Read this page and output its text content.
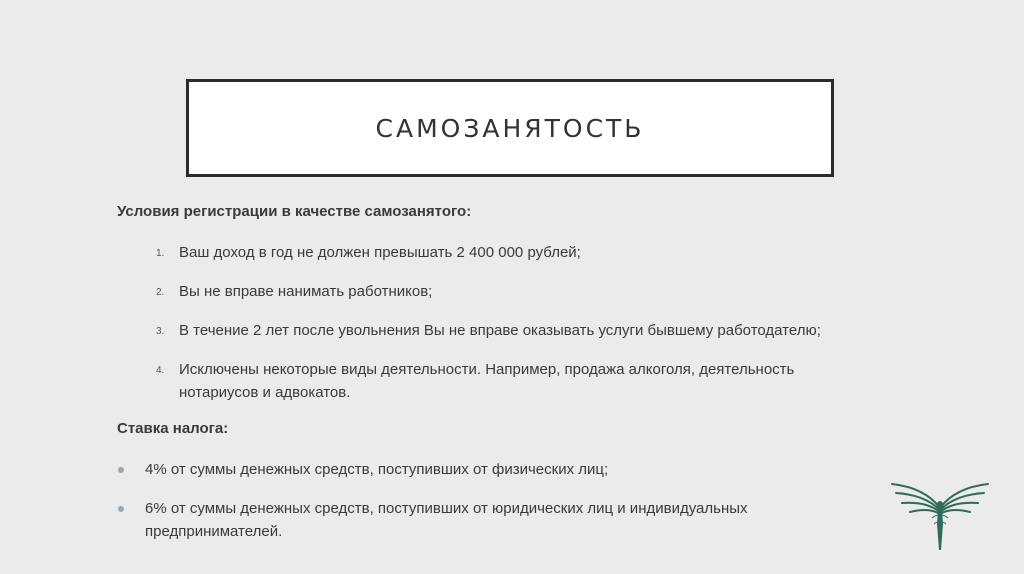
САМОЗАНЯТОСТЬ
Условия регистрации в качестве самозанятого:
1. Ваш доход в год не должен превышать 2 400 000 рублей;
2. Вы не вправе нанимать работников;
3. В течение 2 лет после увольнения Вы не вправе оказывать услуги бывшему работодателю;
4. Исключены некоторые виды деятельности. Например, продажа алкоголя, деятельность нотариусов и адвокатов.
Ставка налога:
4% от суммы денежных средств, поступивших от физических лиц;
6% от суммы денежных средств, поступивших от юридических лиц и индивидуальных предпринимателей.
